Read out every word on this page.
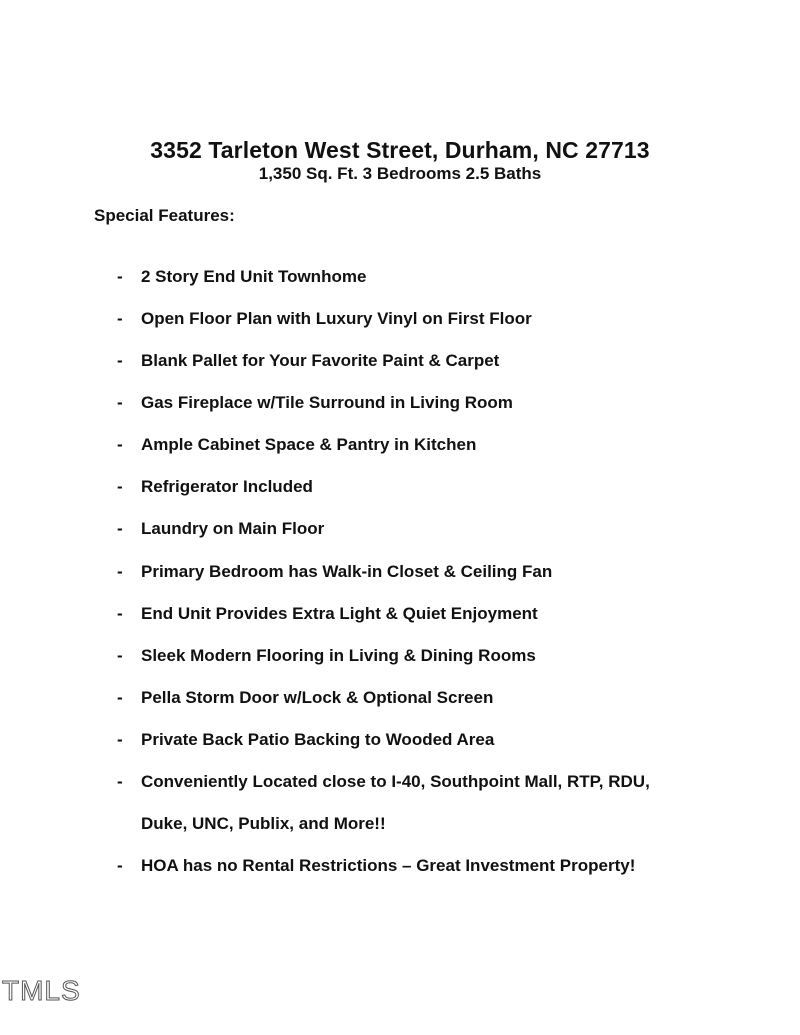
3352 Tarleton West Street, Durham, NC 27713
1,350 Sq. Ft. 3 Bedrooms 2.5 Baths
Special Features:
- 2 Story End Unit Townhome
- Open Floor Plan with Luxury Vinyl on First Floor
- Blank Pallet for Your Favorite Paint & Carpet
- Gas Fireplace w/Tile Surround in Living Room
- Ample Cabinet Space & Pantry in Kitchen
- Refrigerator Included
- Laundry on Main Floor
- Primary Bedroom has Walk-in Closet & Ceiling Fan
- End Unit Provides Extra Light & Quiet Enjoyment
- Sleek Modern Flooring in Living & Dining Rooms
- Pella Storm Door w/Lock & Optional Screen
- Private Back Patio Backing to Wooded Area
- Conveniently Located close to I-40, Southpoint Mall, RTP, RDU,
Duke, UNC, Publix, and More!!
- HOA has no Rental Restrictions – Great Investment Property!
TMLS
